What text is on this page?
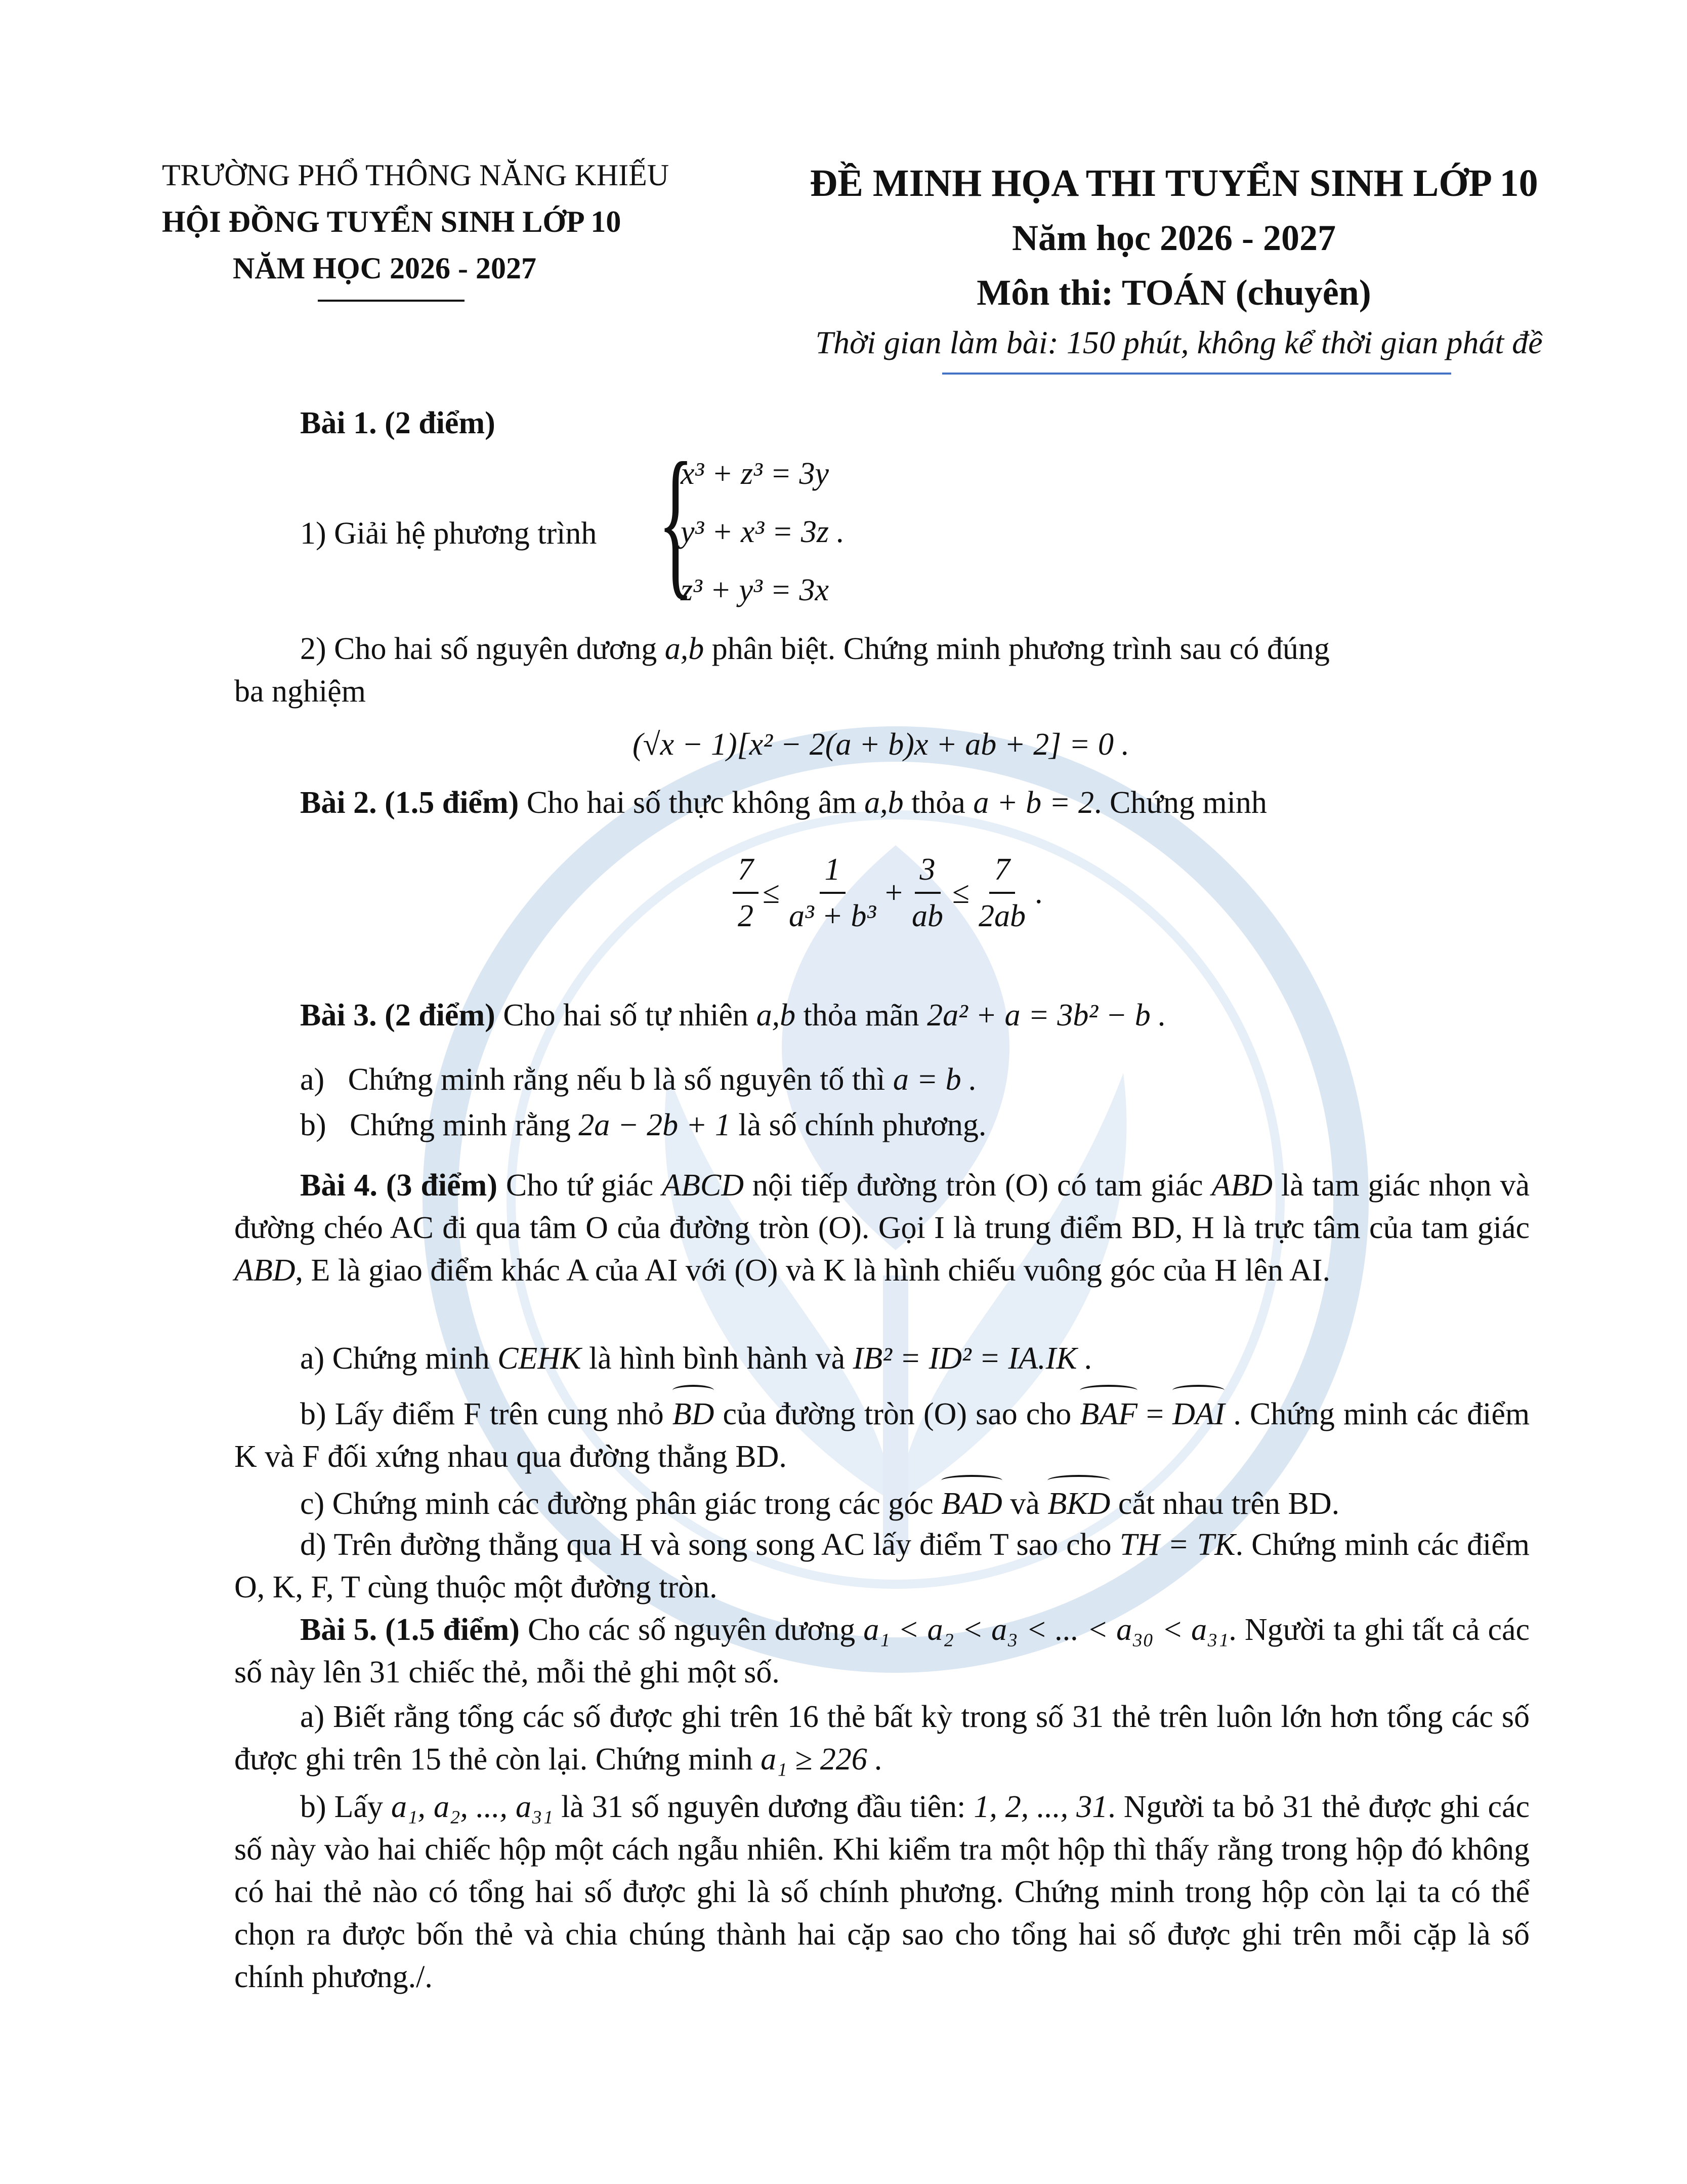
TRƯỜNG PHỔ THÔNG NĂNG KHIẾU
HỘI ĐỒNG TUYỂN SINH LỚP 10
NĂM HỌC 2026 - 2027
ĐỀ MINH HỌA THI TUYỂN SINH LỚP 10
Năm học 2026 - 2027
Môn thi: TOÁN (chuyên)
Thời gian làm bài: 150 phút, không kể thời gian phát đề
Bài 1. (2 điểm)
1) Giải hệ phương trình {
x³ + z³ = 3y
y³ + x³ = 3z .
z³ + y³ = 3x
2) Cho hai số nguyên dương a,b phân biệt. Chứng minh phương trình sau có đúng
ba nghiệm
(√x − 1)[x² − 2(a + b)x + ab + 2] = 0 .
Bài 2. (1.5 điểm) Cho hai số thực không âm a,b thỏa a + b = 2. Chứng minh
$\frac{7}{2} \le \frac{1}{\text{a³ + b³}} + \frac{3}{ab} \le \frac{7}{2ab}$ .
Bài 3. (2 điểm) Cho hai số tự nhiên a,b thỏa mãn 2a² + a = 3b² − b .
a) Chứng minh rằng nếu b là số nguyên tố thì a = b .
b) Chứng minh rằng 2a − 2b + 1 là số chính phương.
Bài 4. (3 điểm) Cho tứ giác ABCD nội tiếp đường tròn (O) có tam giác ABD là tam giác nhọn và đường chéo AC đi qua tâm O của đường tròn (O). Gọi I là trung điểm BD, H là trực tâm của tam giác ABD, E là giao điểm khác A của AI với (O) và K là hình chiếu vuông góc của H lên AI.
a) Chứng minh CEHK là hình bình hành và IB² = ID² = IA.IK .
b) Lấy điểm F trên cung nhỏ BD của đường tròn (O) sao cho BAF = DAI . Chứng minh các điểm K và F đối xứng nhau qua đường thẳng BD.
c) Chứng minh các đường phân giác trong các góc BAD và BKD cắt nhau trên BD.
d) Trên đường thẳng qua H và song song AC lấy điểm T sao cho TH = TK. Chứng minh các điểm O, K, F, T cùng thuộc một đường tròn.
Bài 5. (1.5 điểm) Cho các số nguyên dương a₁ < a₂ < a₃ < ... < a₃₀ < a₃₁. Người ta ghi tất cả các số này lên 31 chiếc thẻ, mỗi thẻ ghi một số.
a) Biết rằng tổng các số được ghi trên 16 thẻ bất kỳ trong số 31 thẻ trên luôn lớn hơn tổng các số được ghi trên 15 thẻ còn lại. Chứng minh a₁ ≥ 226 .
b) Lấy a₁, a₂, ..., a₃₁ là 31 số nguyên dương đầu tiên: 1, 2, ..., 31. Người ta bỏ 31 thẻ được ghi các số này vào hai chiếc hộp một cách ngẫu nhiên. Khi kiểm tra một hộp thì thấy rằng trong hộp đó không có hai thẻ nào có tổng hai số được ghi là số chính phương. Chứng minh trong hộp còn lại ta có thể chọn ra được bốn thẻ và chia chúng thành hai cặp sao cho tổng hai số được ghi trên mỗi cặp là số chính phương./.
